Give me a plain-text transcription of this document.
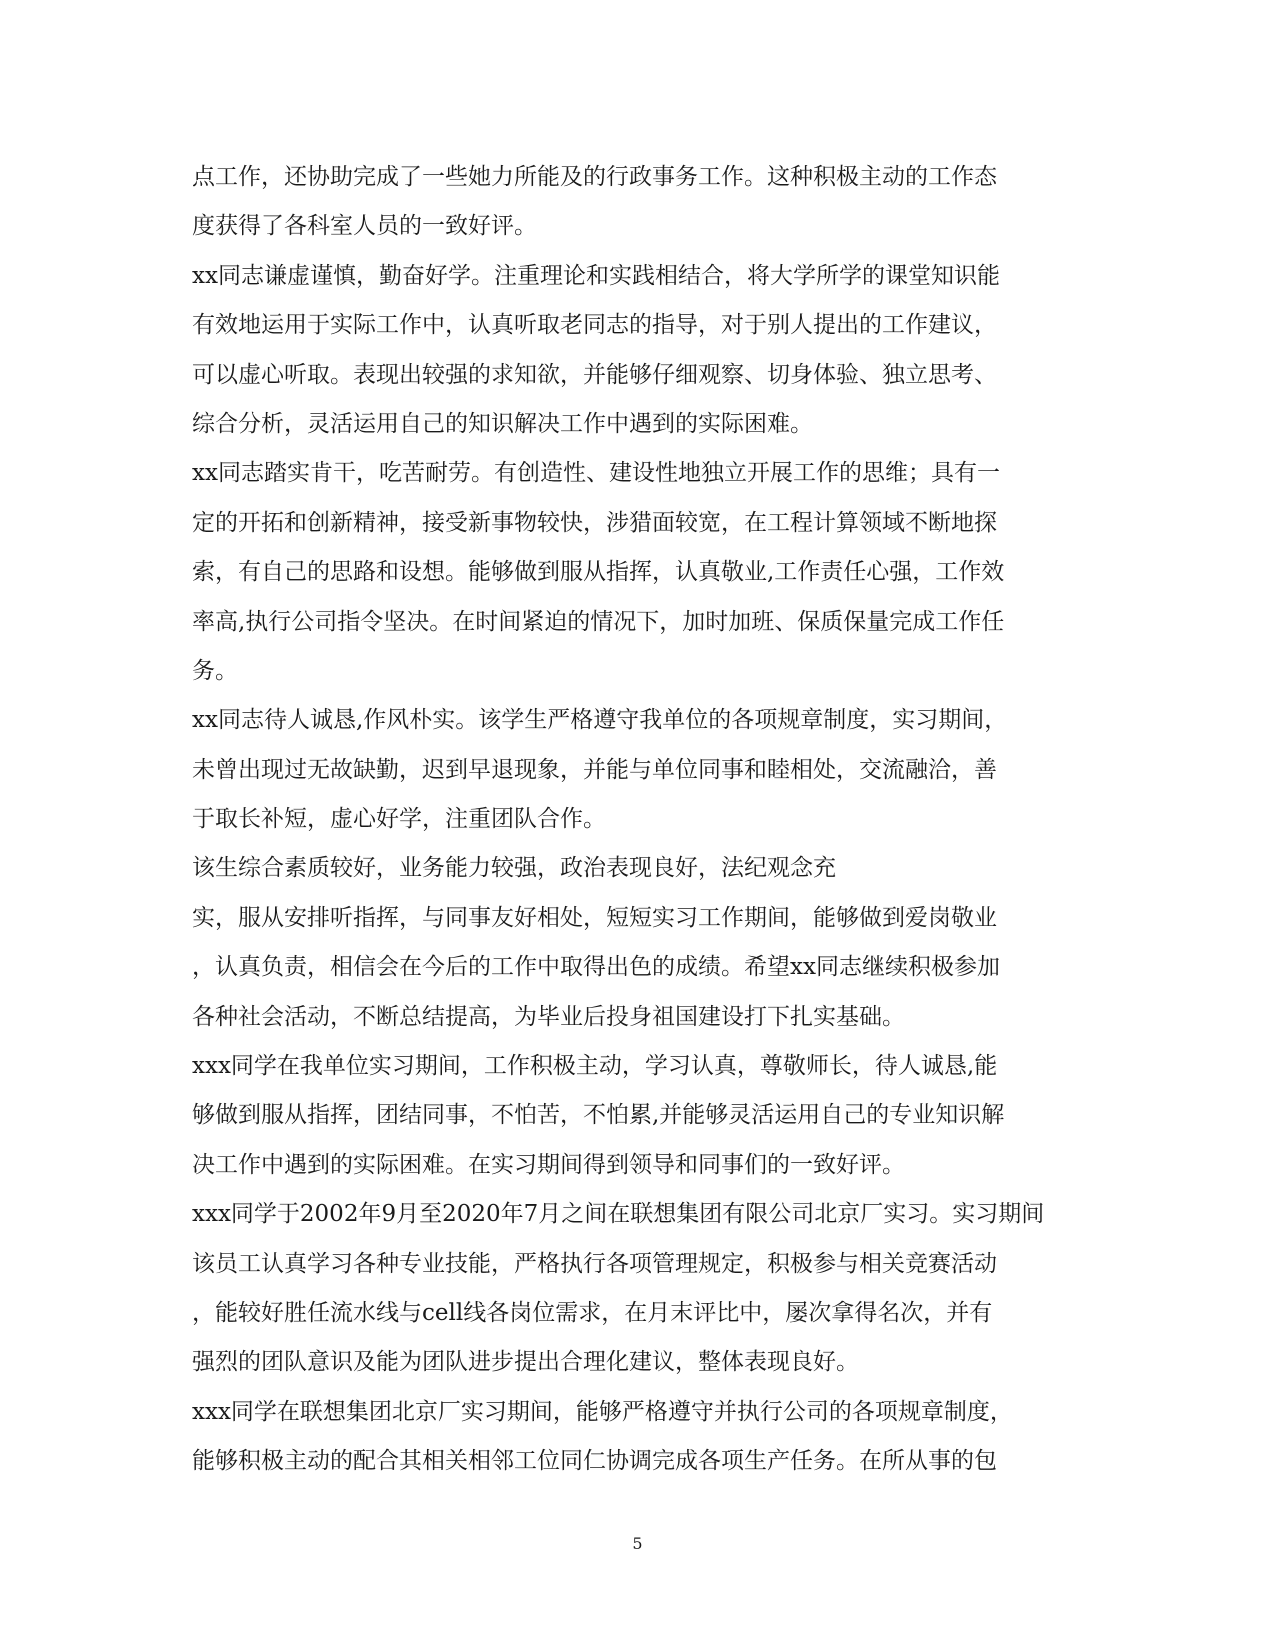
点工作，还协助完成了一些她力所能及的行政事务工作。这种积极主动的工作态
度获得了各科室人员的一致好评。
xx同志谦虚谨慎，勤奋好学。注重理论和实践相结合，将大学所学的课堂知识能
有效地运用于实际工作中，认真听取老同志的指导，对于别人提出的工作建议，
可以虚心听取。表现出较强的求知欲，并能够仔细观察、切身体验、独立思考、
综合分析，灵活运用自己的知识解决工作中遇到的实际困难。
xx同志踏实肯干，吃苦耐劳。有创造性、建设性地独立开展工作的思维；具有一
定的开拓和创新精神，接受新事物较快，涉猎面较宽，在工程计算领域不断地探
索，有自己的思路和设想。能够做到服从指挥，认真敬业,工作责任心强，工作效
率高,执行公司指令坚决。在时间紧迫的情况下，加时加班、保质保量完成工作任
务。
xx同志待人诚恳,作风朴实。该学生严格遵守我单位的各项规章制度，实习期间，
未曾出现过无故缺勤，迟到早退现象，并能与单位同事和睦相处，交流融洽，善
于取长补短，虚心好学，注重团队合作。
该生综合素质较好，业务能力较强，政治表现良好，法纪观念充
实，服从安排听指挥，与同事友好相处，短短实习工作期间，能够做到爱岗敬业
，认真负责，相信会在今后的工作中取得出色的成绩。希望xx同志继续积极参加
各种社会活动，不断总结提高，为毕业后投身祖国建设打下扎实基础。
xxx同学在我单位实习期间，工作积极主动，学习认真，尊敬师长，待人诚恳,能
够做到服从指挥，团结同事，不怕苦，不怕累,并能够灵活运用自己的专业知识解
决工作中遇到的实际困难。在实习期间得到领导和同事们的一致好评。
xxx同学于2002年9月至2020年7月之间在联想集团有限公司北京厂实习。实习期间
该员工认真学习各种专业技能，严格执行各项管理规定，积极参与相关竞赛活动
，能较好胜任流水线与cell线各岗位需求，在月末评比中，屡次拿得名次，并有
强烈的团队意识及能为团队进步提出合理化建议，整体表现良好。
xxx同学在联想集团北京厂实习期间，能够严格遵守并执行公司的各项规章制度，
能够积极主动的配合其相关相邻工位同仁协调完成各项生产任务。在所从事的包
5
